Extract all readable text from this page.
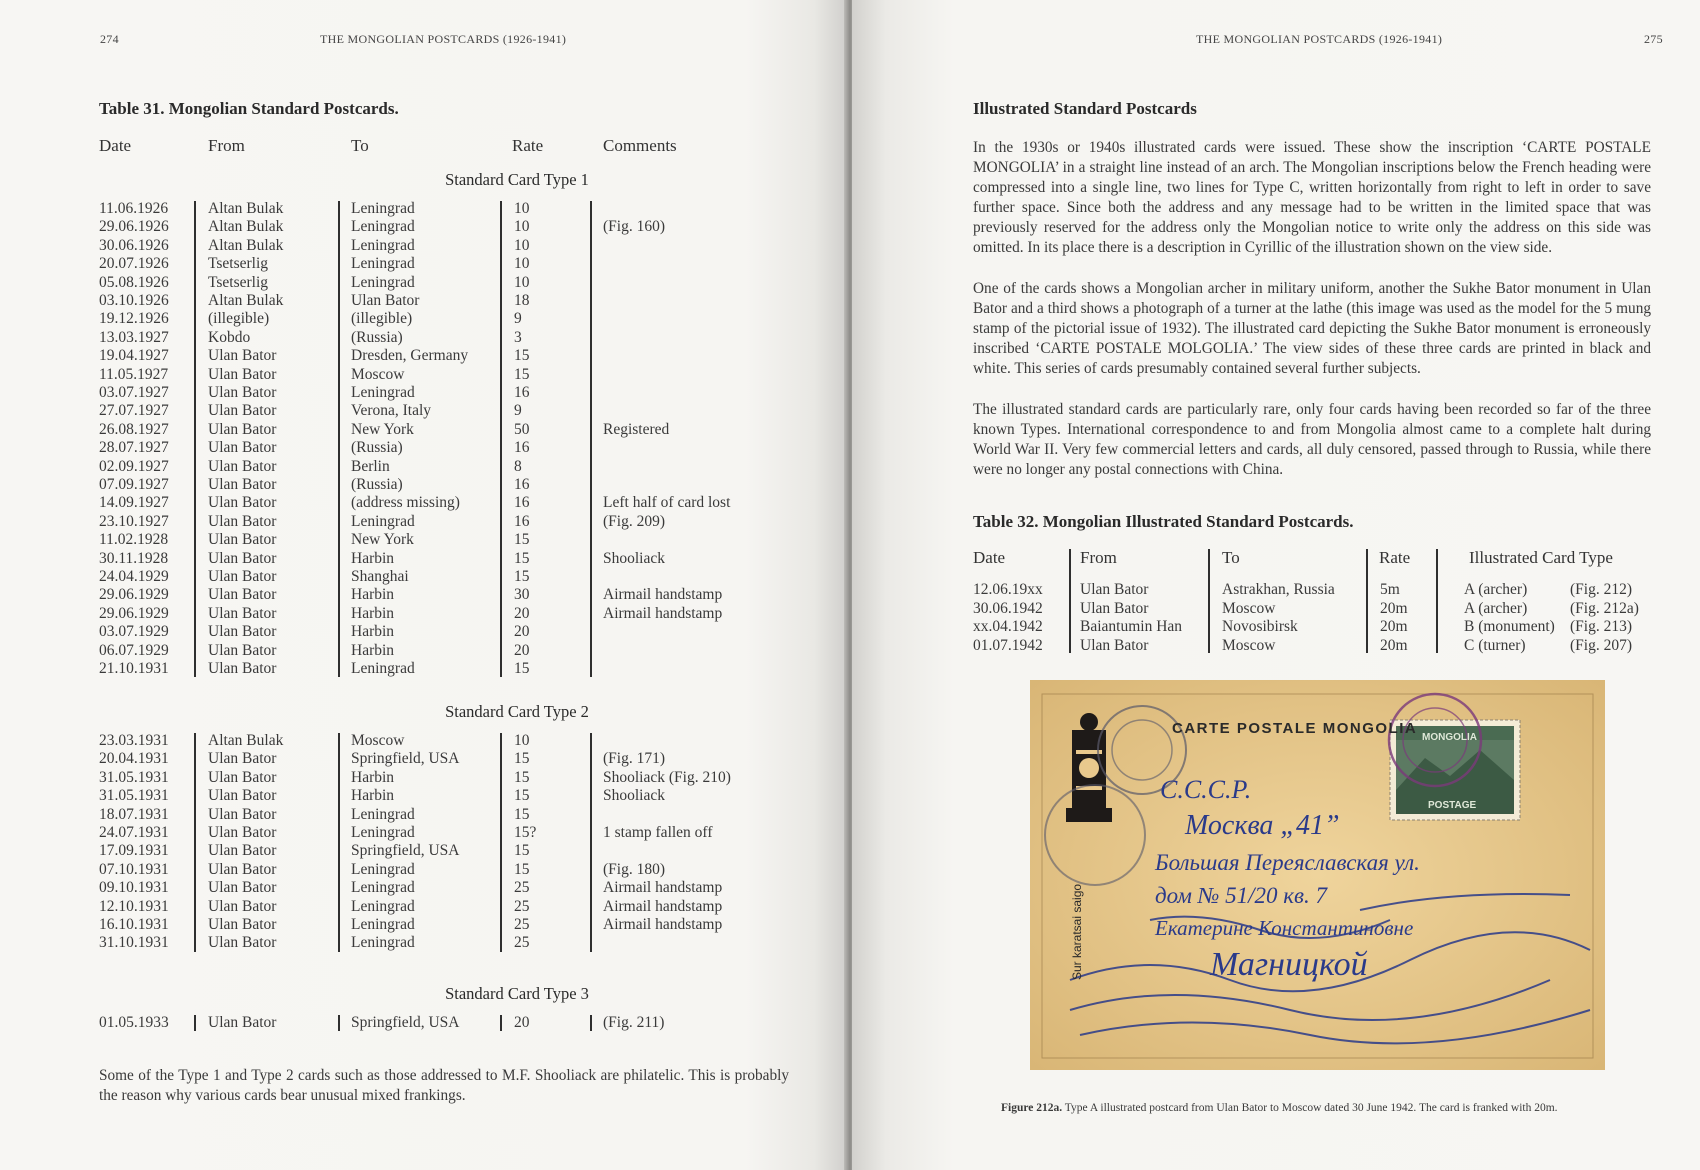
274	THE MONGOLIAN POSTCARDS (1926-1941)
Table 31. Mongolian Standard Postcards.
Date	From	To	Rate	Comments
Standard Card Type 1
11.06.1926	Altan Bulak	Leningrad	10
29.06.1926	Altan Bulak	Leningrad	10	(Fig. 160)
30.06.1926	Altan Bulak	Leningrad	10
20.07.1926	Tsetserlig	Leningrad	10
05.08.1926	Tsetserlig	Leningrad	10
03.10.1926	Altan Bulak	Ulan Bator	18
19.12.1926	(illegible)	(illegible)	9
13.03.1927	Kobdo	(Russia)	3
19.04.1927	Ulan Bator	Dresden, Germany	15
11.05.1927	Ulan Bator	Moscow	15
03.07.1927	Ulan Bator	Leningrad	16
27.07.1927	Ulan Bator	Verona, Italy	9
26.08.1927	Ulan Bator	New York	50	Registered
28.07.1927	Ulan Bator	(Russia)	16
02.09.1927	Ulan Bator	Berlin	8
07.09.1927	Ulan Bator	(Russia)	16
14.09.1927	Ulan Bator	(address missing)	16	Left half of card lost
23.10.1927	Ulan Bator	Leningrad	16	(Fig. 209)
11.02.1928	Ulan Bator	New York	15
30.11.1928	Ulan Bator	Harbin	15	Shooliack
24.04.1929	Ulan Bator	Shanghai	15
29.06.1929	Ulan Bator	Harbin	30	Airmail handstamp
29.06.1929	Ulan Bator	Harbin	20	Airmail handstamp
03.07.1929	Ulan Bator	Harbin	20
06.07.1929	Ulan Bator	Harbin	20
21.10.1931	Ulan Bator	Leningrad	15
Standard Card Type 2
23.03.1931	Altan Bulak	Moscow	10
20.04.1931	Ulan Bator	Springfield, USA	15	(Fig. 171)
31.05.1931	Ulan Bator	Harbin	15	Shooliack (Fig. 210)
31.05.1931	Ulan Bator	Harbin	15	Shooliack
18.07.1931	Ulan Bator	Leningrad	15
24.07.1931	Ulan Bator	Leningrad	15?	1 stamp fallen off
17.09.1931	Ulan Bator	Springfield, USA	15
07.10.1931	Ulan Bator	Leningrad	15	(Fig. 180)
09.10.1931	Ulan Bator	Leningrad	25	Airmail handstamp
12.10.1931	Ulan Bator	Leningrad	25	Airmail handstamp
16.10.1931	Ulan Bator	Leningrad	25	Airmail handstamp
31.10.1931	Ulan Bator	Leningrad	25
Standard Card Type 3
01.05.1933	Ulan Bator	Springfield, USA	20	(Fig. 211)

Some of the Type 1 and Type 2 cards such as those addressed to M.F. Shooliack are philatelic. This is probably the reason why various cards bear unusual mixed frankings.

THE MONGOLIAN POSTCARDS (1926-1941)	275
Illustrated Standard Postcards

In the 1930s or 1940s illustrated cards were issued. These show the inscription ‘CARTE POSTALE MONGOLIA’ in a straight line instead of an arch. The Mongolian inscriptions below the French heading were compressed into a single line, two lines for Type C, written horizontally from right to left in order to save further space. Since both the address and any message had to be written in the limited space that was previously reserved for the address only the Mongolian notice to write only the address on this side was omitted. In its place there is a description in Cyrillic of the illustration shown on the view side.

One of the cards shows a Mongolian archer in military uniform, another the Sukhe Bator monument in Ulan Bator and a third shows a photograph of a turner at the lathe (this image was used as the model for the 5 mung stamp of the pictorial issue of 1932). The illustrated card depicting the Sukhe Bator monument is erroneously inscribed ‘CARTE POSTALE MOLGOLIA.’ The view sides of these three cards are printed in black and white. This series of cards presumably contained several further subjects.

The illustrated standard cards are particularly rare, only four cards having been recorded so far of the three known Types. International correspondence to and from Mongolia almost came to a complete halt during World War II. Very few commercial letters and cards, all duly censored, passed through to Russia, while there were no longer any postal connections with China.

Table 32. Mongolian Illustrated Standard Postcards.
Date	From	To	Rate	Illustrated Card Type
12.06.19xx Ulan Bator	Astrakhan, Russia	5m	A (archer)	(Fig. 212)
30.06.1942 Ulan Bator	Moscow	20m	A (archer)	(Fig. 212a)
xx.04.1942 Baiantumin Han	Novosibirsk	20m	B (monument) (Fig. 213)
01.07.1942 Ulan Bator	Moscow	20m	C (turner)	(Fig. 207)
CARTE POSTALE MONGOLIA
MONGOLIA
POSTAGE
С.С.С.Р.
Москва „41”
Большая Переяславская ул.
дом № 51/20 кв. 7
Екатерине Константиновне
Магницкой
Sur karatsai saigo
Figure 212a. Type A illustrated postcard from Ulan Bator to Moscow dated 30 June 1942. The card is franked with 20m.
